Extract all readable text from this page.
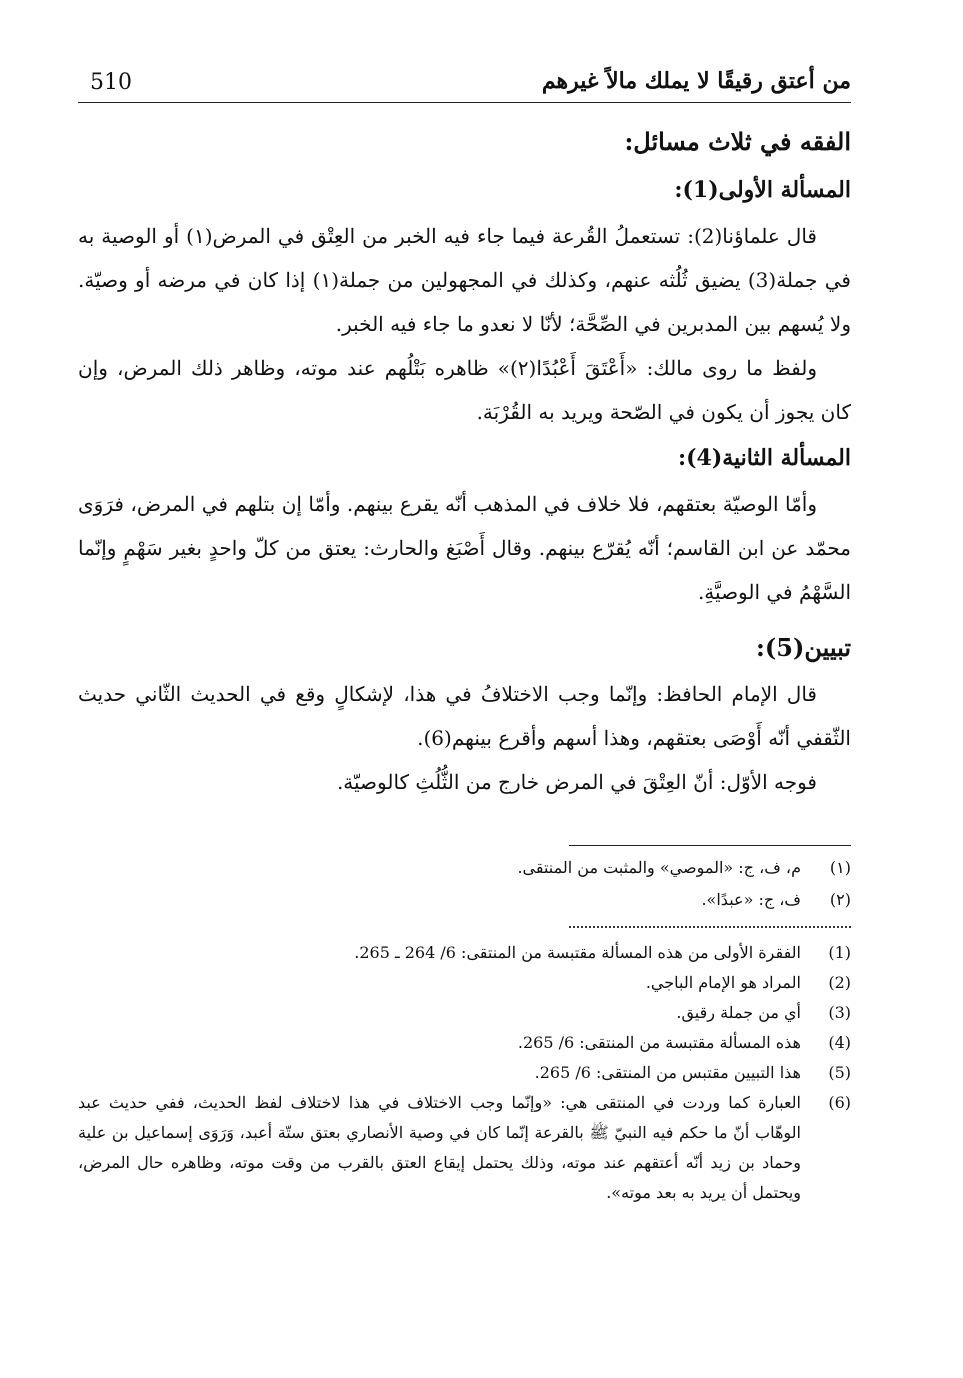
510	من أعتق رقيقًا لا يملك مالاً غيرهم

الفقه في ثلاث مسائل:

المسألة الأولى(1):

قال علماؤنا(2): تستعملُ القُرعة فيما جاء فيه الخبر من العِتْق في المرض(١) أو الوصية به في جملة(3) يضيق ثُلُثه عنهم، وكذلك في المجهولين من جملة(١) إذا كان في مرضه أو وصيّة. ولا يُسهم بين المدبرين في الصِّحَّة؛ لأنّا لا نعدو ما جاء فيه الخبر.

ولفظ ما روى مالك: «أَعْتَقَ أَعْبُدًا(٢)» ظاهره بَتْلُهم عند موته، وظاهر ذلك المرض، وإن كان يجوز أن يكون في الصّحة ويريد به القُرْبَة.

المسألة الثانية(4):

وأمّا الوصيّة بعتقهم، فلا خلاف في المذهب أنّه يقرع بينهم. وأمّا إن بتلهم في المرض، فرَوَى محمّد عن ابن القاسم؛ أنّه يُقرّع بينهم. وقال أَصْبَغ والحارث: يعتق من كلّ واحدٍ بغير سَهْمٍ وإنّما السَّهْمُ في الوصيَّةِ.

تبيين(5):

قال الإمام الحافظ: وإنّما وجب الاختلافُ في هذا، لإشكالٍ وقع في الحديث الثّاني حديث الثّقفي أنّه أَوْصَى بعتقهم، وهذا أسهم وأقرع بينهم(6).

فوجه الأوّل: أنّ العِتْقَ في المرض خارج من الثُّلُثِ كالوصيّة.

(١)
م، ف، ج: «الموصي» والمثبت من المنتقى.
(٢)
ف، ج: «عبدًا».
(1)
الفقرة الأولى من هذه المسألة مقتبسة من المنتقى: 6/ 264 ـ 265.
(2)
المراد هو الإمام الباجي.
(3)
أي من جملة رقيق.
(4)
هذه المسألة مقتبسة من المنتقى: 6/ 265.
(5)
هذا التبيين مقتبس من المنتقى: 6/ 265.
(6)
العبارة كما وردت في المنتقى هي: «وإنّما وجب الاختلاف في هذا لاختلاف لفظ الحديث، ففي حديث عبد الوهّاب أنّ ما حكم فيه النبيّ ﷺ بالقرعة إنّما كان في وصية الأنصاري بعتق ستّة أعبد، وَرَوَى إسماعيل بن علية وحماد بن زيد أنّه أعتقهم عند موته، وذلك يحتمل إيقاع العتق بالقرب من وقت موته، وظاهره حال المرض، ويحتمل أن يريد به بعد موته».
